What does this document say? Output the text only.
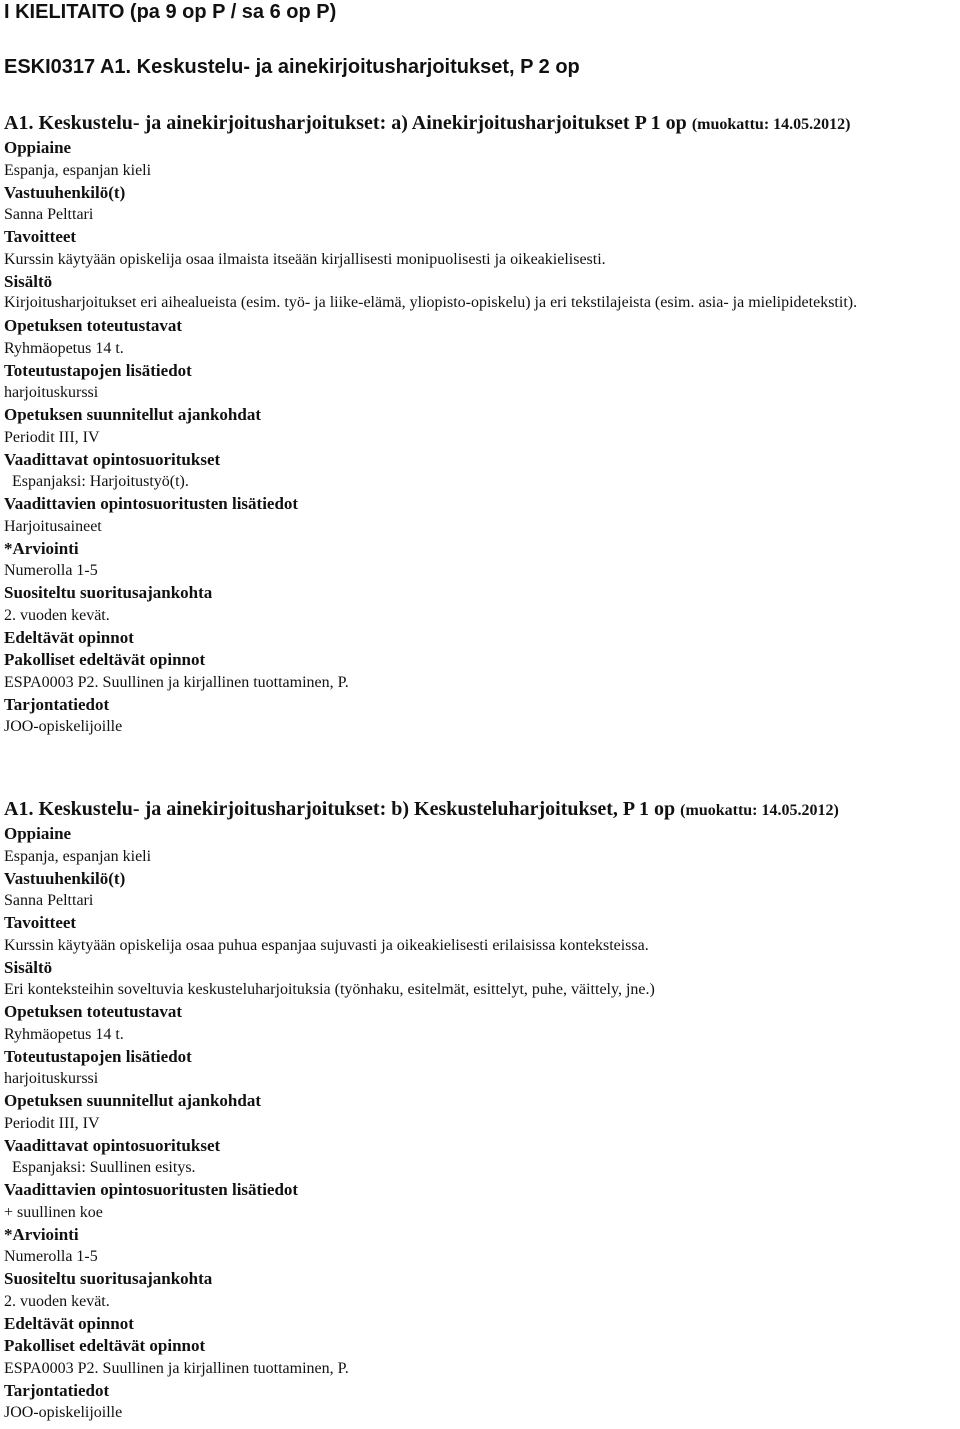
I KIELITAITO (pa 9 op P / sa 6 op P)
ESKI0317 A1. Keskustelu- ja ainekirjoitusharjoitukset, P 2 op

A1. Keskustelu- ja ainekirjoitusharjoitukset: a) Ainekirjoitusharjoitukset P 1 op (muokattu: 14.05.2012)

Oppiaine

Espanja, espanjan kieli

Vastuuhenkilö(t)

Sanna Pelttari

Tavoitteet

Kurssin käytyään opiskelija osaa ilmaista itseään kirjallisesti monipuolisesti ja oikeakielisesti.

Sisältö

Kirjoitusharjoitukset eri aihealueista (esim. työ- ja liike-elämä, yliopisto-opiskelu) ja eri tekstilajeista (esim. asia- ja mielipidetekstit).

Opetuksen toteutustavat

Ryhmäopetus 14 t.

Toteutustapojen lisätiedot

harjoituskurssi

Opetuksen suunnitellut ajankohdat

Periodit III, IV

Vaadittavat opintosuoritukset

Espanjaksi: Harjoitustyö(t).

Vaadittavien opintosuoritusten lisätiedot

Harjoitusaineet

*Arviointi

Numerolla 1-5

Suositeltu suoritusajankohta

2. vuoden kevät.

Edeltävät opinnot

Pakolliset edeltävät opinnot

ESPA0003 P2. Suullinen ja kirjallinen tuottaminen, P.

Tarjontatiedot

JOO-opiskelijoille

A1. Keskustelu- ja ainekirjoitusharjoitukset: b) Keskusteluharjoitukset, P 1 op (muokattu: 14.05.2012)

Oppiaine

Espanja, espanjan kieli

Vastuuhenkilö(t)

Sanna Pelttari

Tavoitteet

Kurssin käytyään opiskelija osaa puhua espanjaa sujuvasti ja oikeakielisesti erilaisissa konteksteissa.

Sisältö

Eri konteksteihin soveltuvia keskusteluharjoituksia (työnhaku, esitelmät, esittelyt, puhe, väittely, jne.)

Opetuksen toteutustavat

Ryhmäopetus 14 t.

Toteutustapojen lisätiedot

harjoituskurssi

Opetuksen suunnitellut ajankohdat

Periodit III, IV

Vaadittavat opintosuoritukset

Espanjaksi: Suullinen esitys.

Vaadittavien opintosuoritusten lisätiedot

+ suullinen koe

*Arviointi

Numerolla 1-5

Suositeltu suoritusajankohta

2. vuoden kevät.

Edeltävät opinnot

Pakolliset edeltävät opinnot

ESPA0003 P2. Suullinen ja kirjallinen tuottaminen, P.

Tarjontatiedot

JOO-opiskelijoille
